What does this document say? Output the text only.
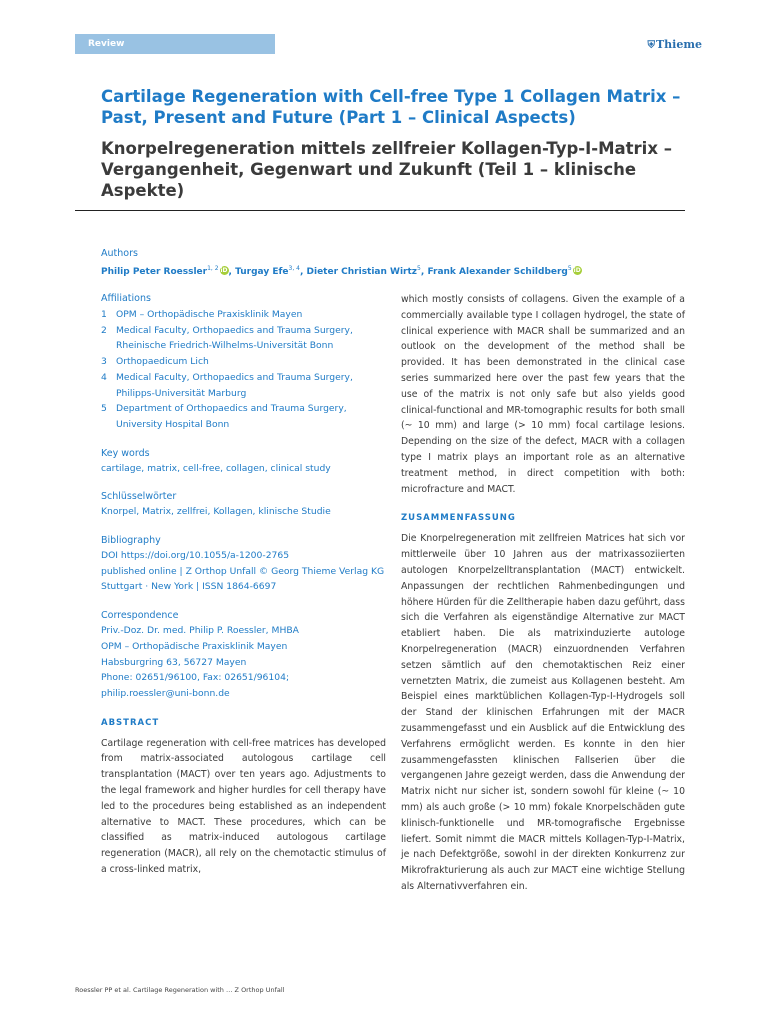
Review	⛨Thieme
Cartilage Regeneration with Cell-free Type 1 Collagen Matrix – Past, Present and Future (Part 1 – Clinical Aspects)
Knorpelregeneration mittels zellfreier Kollagen-Typ-I-Matrix – Vergangenheit, Gegenwart und Zukunft (Teil 1 – klinische Aspekte)
Authors
Philip Peter Roessler$^{1, 2}$ iD, Turgay Efe$^{3, 4}$, Dieter Christian Wirtz$^5$, Frank Alexander Schildberg$^5$ iD
Affiliations
1 OPM – Orthopädische Praxisklinik Mayen
2 Medical Faculty, Orthopaedics and Trauma Surgery, Rheinische Friedrich-Wilhelms-Universität Bonn
3 Orthopaedicum Lich
4 Medical Faculty, Orthopaedics and Trauma Surgery, Philipps-Universität Marburg
5 Department of Orthopaedics and Trauma Surgery, University Hospital Bonn
Key words

cartilage, matrix, cell-free, collagen, clinical study

Schlüsselwörter

Knorpel, Matrix, zellfrei, Kollagen, klinische Studie

Bibliography

DOI https://doi.org/10.1055/a-1200-2765

published online | Z Orthop Unfall © Georg Thieme Verlag KG

Stuttgart · New York | ISSN 1864-6697

Correspondence

Priv.-Doz. Dr. med. Philip P. Roessler, MHBA

OPM – Orthopädische Praxisklinik Mayen

Habsburgring 63, 56727 Mayen

Phone: 02651/96100, Fax: 02651/96104;

philip.roessler@uni-bonn.de

ABSTRACT

Cartilage regeneration with cell-free matrices has developed from matrix-associated autologous cartilage cell transplantation (MACT) over ten years ago. Adjustments to the legal framework and higher hurdles for cell therapy have led to the procedures being established as an independent alternative to MACT. These procedures, which can be classified as matrix-induced autologous cartilage regeneration (MACR), all rely on the chemotactic stimulus of a cross-linked matrix,

which mostly consists of collagens. Given the example of a commercially available type I collagen hydrogel, the state of clinical experience with MACR shall be summarized and an outlook on the development of the method shall be provided. It has been demonstrated in the clinical case series summarized here over the past few years that the use of the matrix is not only safe but also yields good clinical-functional and MR-tomographic results for both small (~ 10 mm) and large (> 10 mm) focal cartilage lesions. Depending on the size of the defect, MACR with a collagen type I matrix plays an important role as an alternative treatment method, in direct competition with both: microfracture and MACT.

ZUSAMMENFASSUNG

Die Knorpelregeneration mit zellfreien Matrices hat sich vor mittlerweile über 10 Jahren aus der matrixassoziierten autologen Knorpelzelltransplantation (MACT) entwickelt. Anpassungen der rechtlichen Rahmenbedingungen und höhere Hürden für die Zelltherapie haben dazu geführt, dass sich die Verfahren als eigenständige Alternative zur MACT etabliert haben. Die als matrixinduzierte autologe Knorpelregeneration (MACR) einzuordnenden Verfahren setzen sämtlich auf den chemotaktischen Reiz einer vernetzten Matrix, die zumeist aus Kollagenen besteht. Am Beispiel eines marktüblichen Kollagen-Typ-I-Hydrogels soll der Stand der klinischen Erfahrungen mit der MACR zusammengefasst und ein Ausblick auf die Entwicklung des Verfahrens ermöglicht werden. Es konnte in den hier zusammengefassten klinischen Fallserien über die vergangenen Jahre gezeigt werden, dass die Anwendung der Matrix nicht nur sicher ist, sondern sowohl für kleine (~ 10 mm) als auch große (> 10 mm) fokale Knorpelschäden gute klinisch-funktionelle und MR-tomografische Ergebnisse liefert. Somit nimmt die MACR mittels Kollagen-Typ-I-Matrix, je nach Defektgröße, sowohl in der direkten Konkurrenz zur Mikrofrakturierung als auch zur MACT eine wichtige Stellung als Alternativverfahren ein.

Roessler PP et al. Cartilage Regeneration with … Z Orthop Unfall
